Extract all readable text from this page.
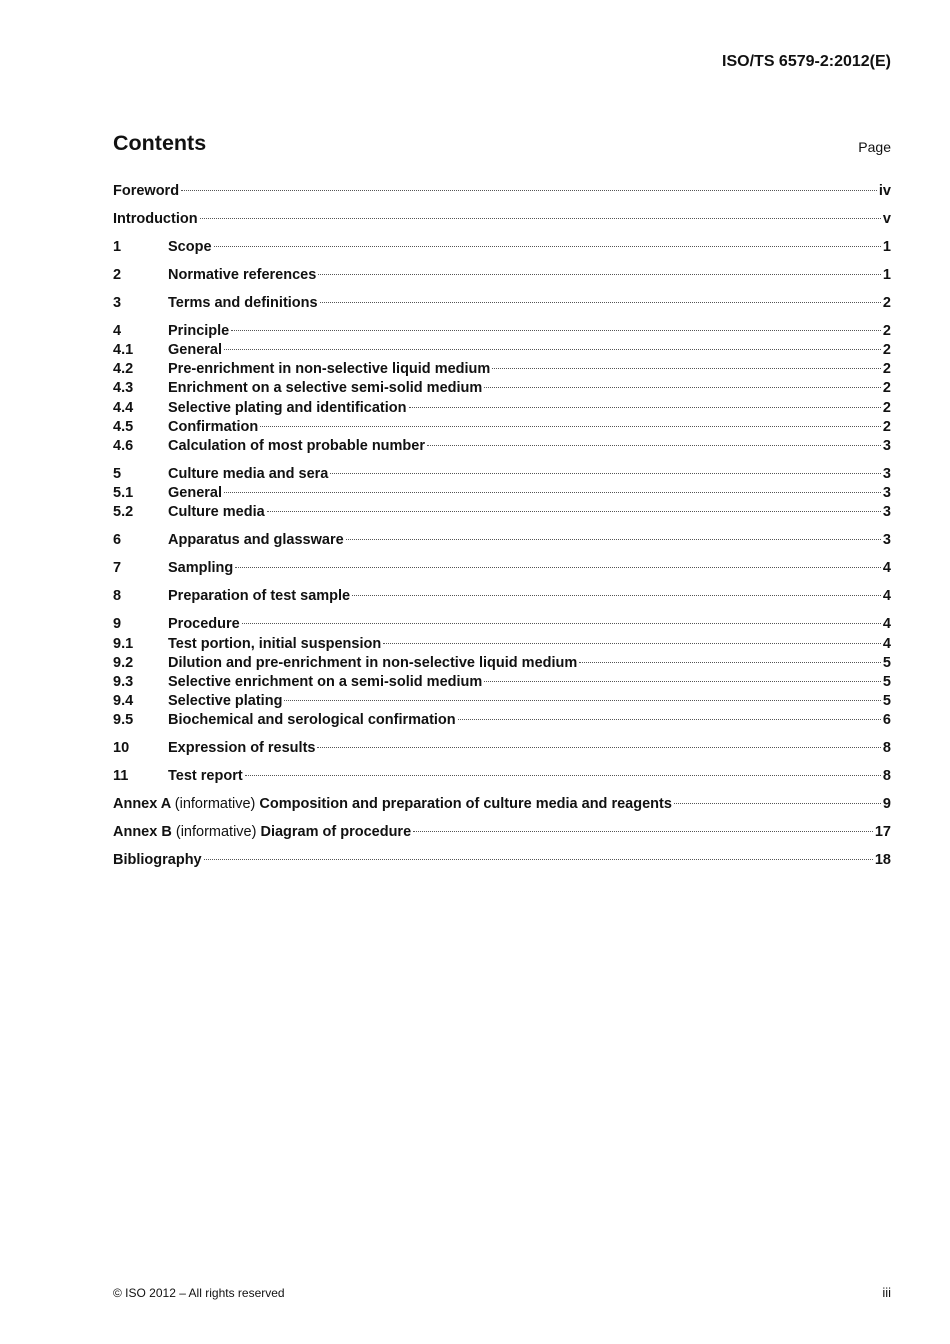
ISO/TS 6579-2:2012(E)
Contents	Page
Foreword	iv
Introduction	v
1	Scope	1
2	Normative references	1
3	Terms and definitions	2
4	Principle	2
4.1	General	2
4.2	Pre-enrichment in non-selective liquid medium	2
4.3	Enrichment on a selective semi-solid medium	2
4.4	Selective plating and identification	2
4.5	Confirmation	2
4.6	Calculation of most probable number	3
5	Culture media and sera	3
5.1	General	3
5.2	Culture media	3
6	Apparatus and glassware	3
7	Sampling	4
8	Preparation of test sample	4
9	Procedure	4
9.1	Test portion, initial suspension	4
9.2	Dilution and pre-enrichment in non-selective liquid medium	5
9.3	Selective enrichment on a semi-solid medium	5
9.4	Selective plating	5
9.5	Biochemical and serological confirmation	6
10	Expression of results	8
11	Test report	8
Annex A (informative) Composition and preparation of culture media and reagents	9
Annex B (informative) Diagram of procedure	17
Bibliography	18
© ISO 2012 – All rights reserved	iii
